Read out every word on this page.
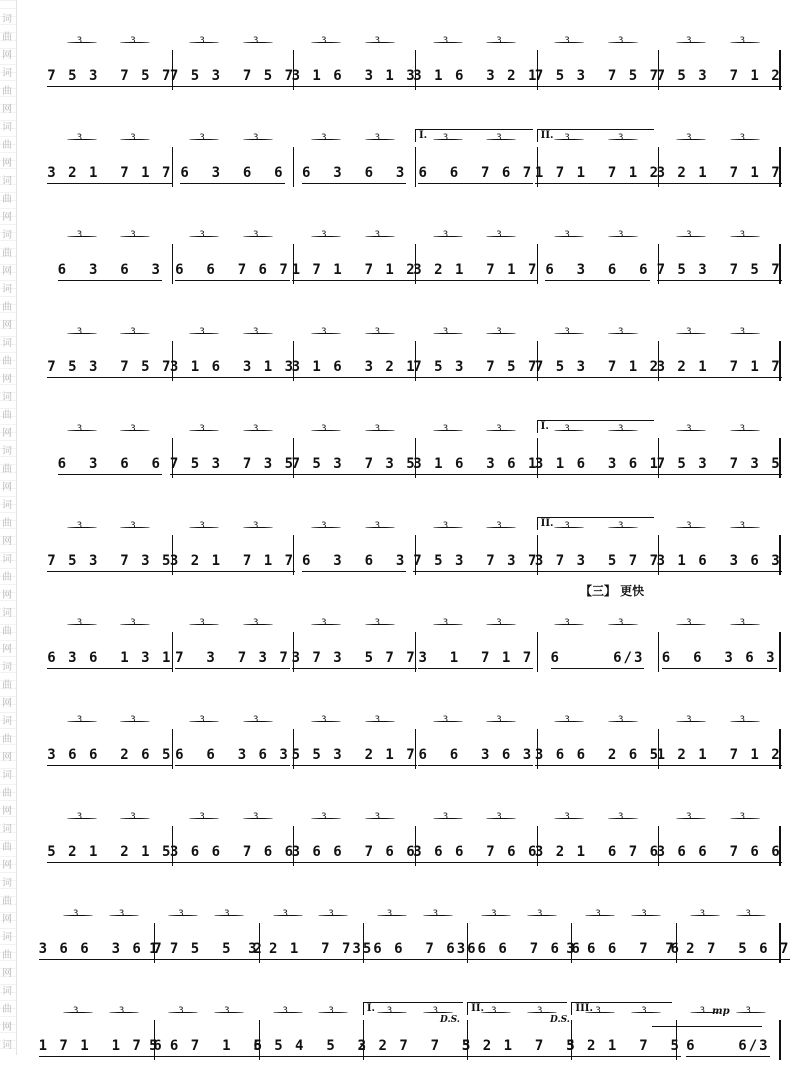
词
曲
网
词
曲
网
词
曲
网
词
曲
网
词
曲
网
词
曲
网
词
曲
网
词
曲
网
词
曲
网
词
曲
网
词
曲
网
词
曲
网
词
曲
网
词
曲
网
词
曲
网
词
曲
网
词
曲
网
词
曲
网
词
曲
网
词
7 5 3  7 5 7
3	3
7 5 3  7 5 7
3	3
3 1 6  3 1 3
3	3
3 1 6  3 2 1
3	3
7 5 3  7 5 7
3	3
7 5 3  7 1 2
3	3
3 2 1  7 1 7
3	3
6  3  6  6
3	3
6  3  6  3
3	3
6  6  7 6 7
3	3
1 7 1  7 1 2
3	3
3 2 1  7 1 7
3	3
I.	II.
6  3  6  3
3	3
6  6  7 6 7
3	3
1 7 1  7 1 2
3	3
3 2 1  7 1 7
3	3
6  3  6  6
3	3
7 5 3  7 5 7
3	3
7 5 3  7 5 7
3	3
3 1 6  3 1 3
3	3
3 1 6  3 2 1
3	3
7 5 3  7 5 7
3	3
7 5 3  7 1 2
3	3
3 2 1  7 1 7
3	3
6  3  6  6
3	3
7 5 3  7 3 5
3	3
7 5 3  7 3 5
3	3
3 1 6  3 6 1
3	3
3 1 6  3 6 1
3	3
7 5 3  7 3 5
3	3
I.
7 5 3  7 3 5
3	3
3 2 1  7 1 7
3	3
6  3  6  3
3	3
7 5 3  7 3 7
3	3
3 7 3  5 7 7
3	3
3 1 6  3 6 3
3	3
II.
6 3 6  1 3 1
3	3
7  3  7 3 7
3	3
3 7 3  5 7 7
3	3
3  1  7 1 7
3	3
6     6/3
3	3
6  6  3 6 3
3	3
3 6 6  2 6 5
3	3
6  6  3 6 3
3	3
5 5 3  2 1 7
3	3
6  6  3 6 3
3	3
3 6 6  2 6 5
3	3
1 2 1  7 1 2
3	3
5 2 1  2 1 5
3	3
3 6 6  7 6 6
3	3
3 6 6  7 6 6
3	3
3 6 6  7 6 6
3	3
3 2 1  6 7 6
3	3
3 6 6  7 6 6
3	3
3 6 6  3 6 7
3	3
1 7 5  5  2
3	3
3 2 1  7 7 5
3	3
3 6 6  7 6 6
3	3
3 6 6  7 6 6
3	3
3 6 6  7  6
3	3
7 2 7  5 6 7
3	3
1 7 1  1 7 6
3	3
5 6 7  1  5
3	3
6 5 4  5  2
3	3
3 2 7  7  5
3	3
3 2 1  7  5
3	3
3 2 1  7  5
3	3
6    6/3
3	3
I.	II.	III.
【三】 更快
D.S.	D.S.
mp
